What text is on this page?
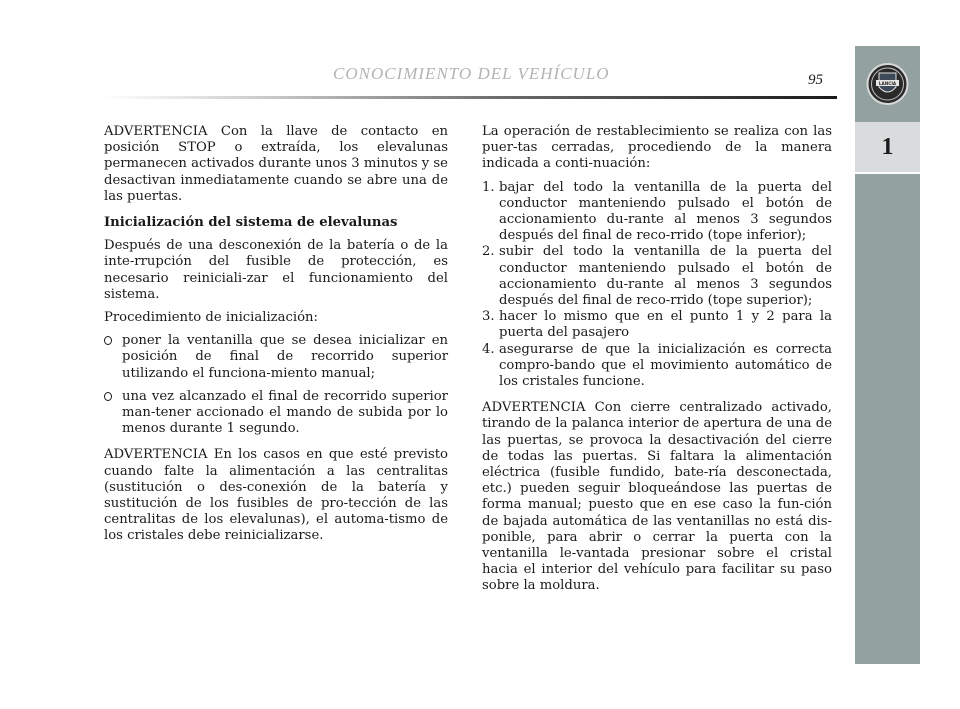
CONOCIMIENTO DEL VEHÍCULO	95	LANCIA
1

ADVERTENCIA Con la llave de contacto en posición STOP o extraída, los elevalunas permanecen activados durante unos 3 minutos y se desactivan inmediatamente cuando se abre una de las puertas.

Inicialización del sistema de elevalunas

Después de una desconexión de la batería o de la inte-rrupción del fusible de protección, es necesario reiniciali-zar el funcionamiento del sistema.

Procedimiento de inicialización:

poner la ventanilla que se desea inicializar en posición de final de recorrido superior utilizando el funciona-miento manual;
una vez alcanzado el final de recorrido superior man-tener accionado el mando de subida por lo menos durante 1 segundo.

ADVERTENCIA En los casos en que esté previsto cuando falte la alimentación a las centralitas (sustitución o des-conexión de la batería y sustitución de los fusibles de pro-tección de las centralitas de los elevalunas), el automa-tismo de los cristales debe reinicializarse.

La operación de restablecimiento se realiza con las puer-tas cerradas, procediendo de la manera indicada a conti-nuación:

1. bajar del todo la ventanilla de la puerta del conductor manteniendo pulsado el botón de accionamiento du-rante al menos 3 segundos después del final de reco-rrido (tope inferior);
2. subir del todo la ventanilla de la puerta del conductor manteniendo pulsado el botón de accionamiento du-rante al menos 3 segundos después del final de reco-rrido (tope superior);
3. hacer lo mismo que en el punto 1 y 2 para la puerta del pasajero
4. asegurarse de que la inicialización es correcta compro-bando que el movimiento automático de los cristales funcione.

ADVERTENCIA Con cierre centralizado activado, tirando de la palanca interior de apertura de una de las puertas, se provoca la desactivación del cierre de todas las puertas. Si faltara la alimentación eléctrica (fusible fundido, bate-ría desconectada, etc.) pueden seguir bloqueándose las puertas de forma manual; puesto que en ese caso la fun-ción de bajada automática de las ventanillas no está dis-ponible, para abrir o cerrar la puerta con la ventanilla le-vantada presionar sobre el cristal hacia el interior del vehículo para facilitar su paso sobre la moldura.
